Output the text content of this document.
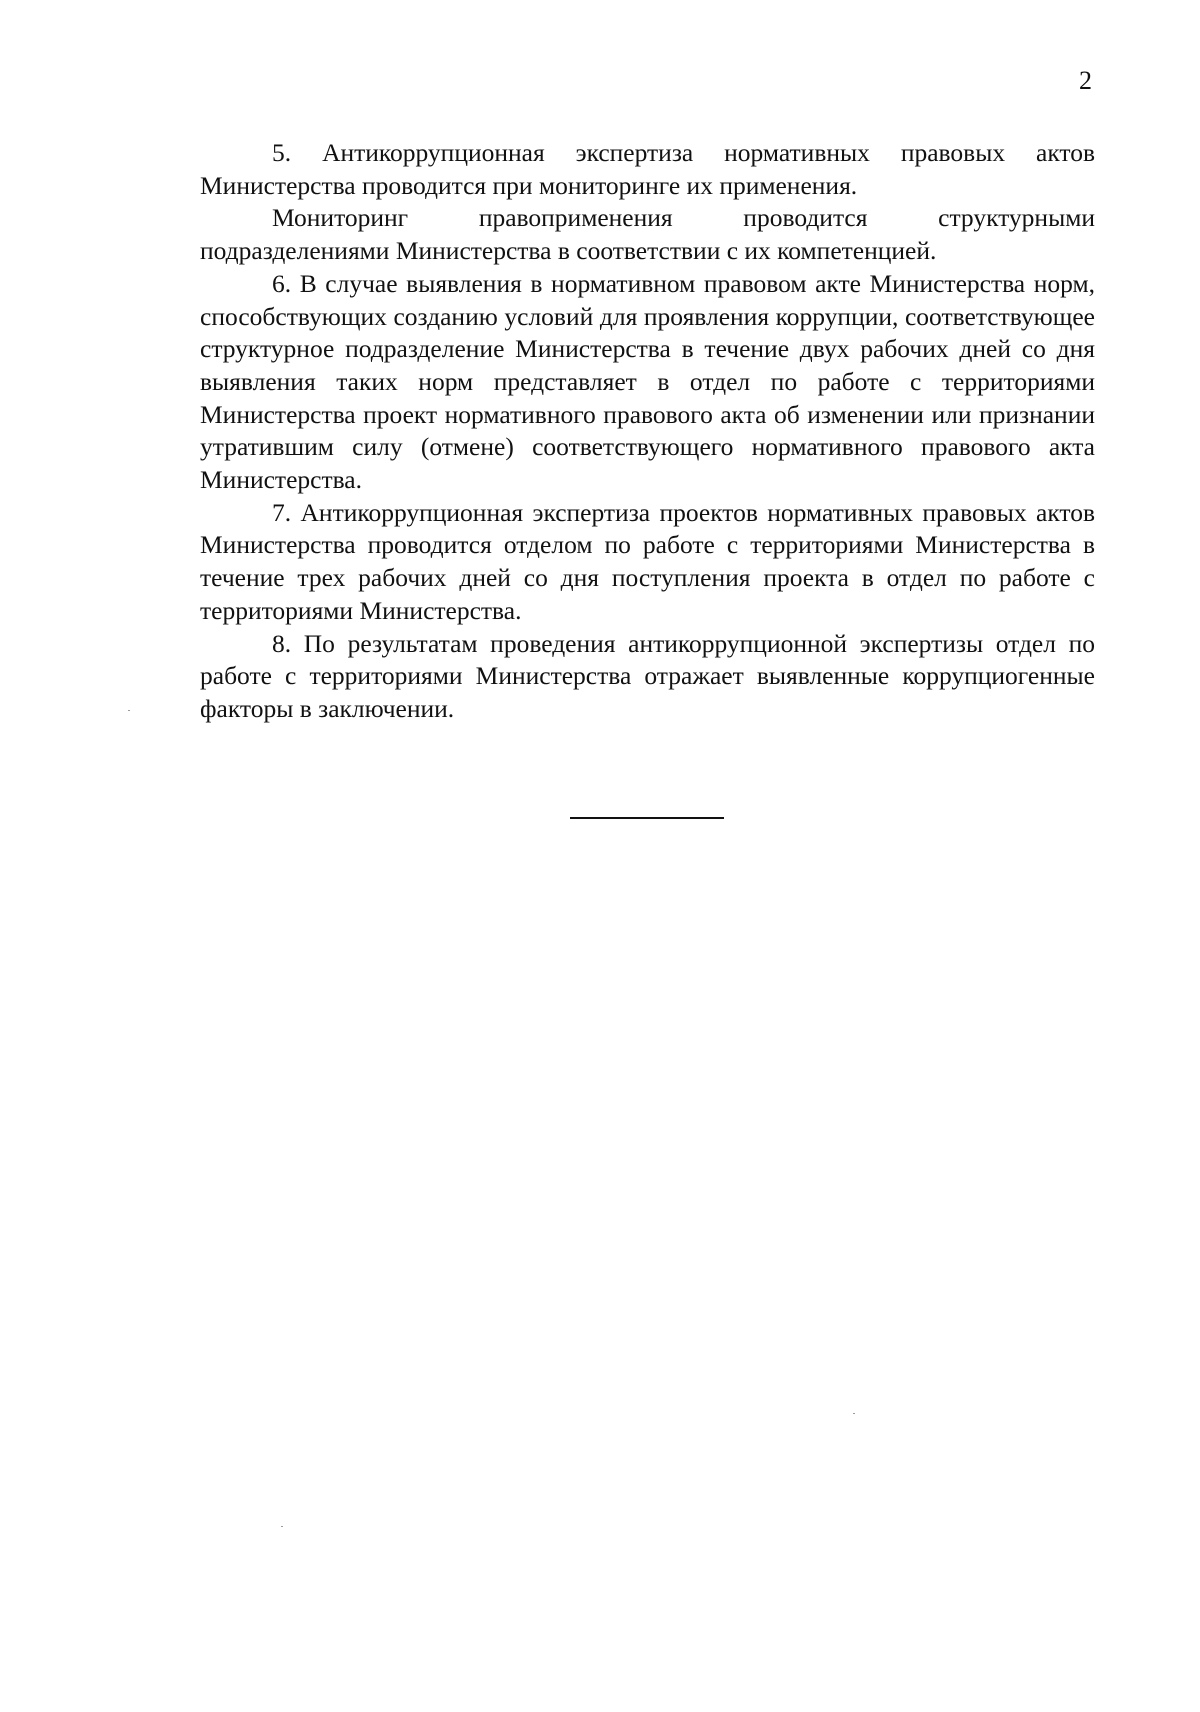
2

5. Антикоррупционная экспертиза нормативных правовых актов Министерства проводится при мониторинге их применения.

Мониторинг правоприменения проводится структурными подразделениями Министерства в соответствии с их компетенцией.

6. В случае выявления в нормативном правовом акте Министерства норм, способствующих созданию условий для проявления коррупции, соответствующее структурное подразделение Министерства в течение двух рабочих дней со дня выявления таких норм представляет в отдел по работе с территориями Министерства проект нормативного правового акта об изменении или признании утратившим силу (отмене) соответствующего нормативного правового акта Министерства.

7. Антикоррупционная экспертиза проектов нормативных правовых актов Министерства проводится отделом по работе с территориями Министерства в течение трех рабочих дней со дня поступления проекта в отдел по работе с территориями Министерства.

8. По результатам проведения антикоррупционной экспертизы отдел по работе с территориями Министерства отражает выявленные коррупциогенные факторы в заключении.
